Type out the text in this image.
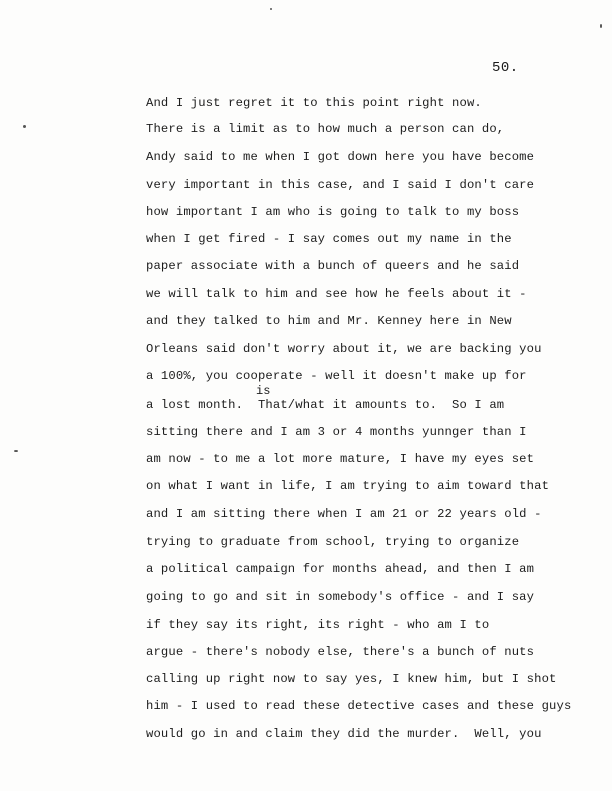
50.
And I just regret it to this point right now.
There is a limit as to how much a person can do,
Andy said to me when I got down here you have become
very important in this case, and I said I don't care
how important I am who is going to talk to my boss
when I get fired - I say comes out my name in the
paper associate with a bunch of queers and he said
we will talk to him and see how he feels about it -
and they talked to him and Mr. Kenney here in New
Orleans said don't worry about it, we are backing you
a 100%, you cooperate - well it doesn't make up for
is
a lost month.  That/what it amounts to.  So I am
sitting there and I am 3 or 4 months yunnger than I
am now - to me a lot more mature, I have my eyes set
on what I want in life, I am trying to aim toward that
and I am sitting there when I am 21 or 22 years old -
trying to graduate from school, trying to organize
a political campaign for months ahead, and then I am
going to go and sit in somebody's office - and I say
if they say its right, its right - who am I to
argue - there's nobody else, there's a bunch of nuts
calling up right now to say yes, I knew him, but I shot
him - I used to read these detective cases and these guys
would go in and claim they did the murder.  Well, you
